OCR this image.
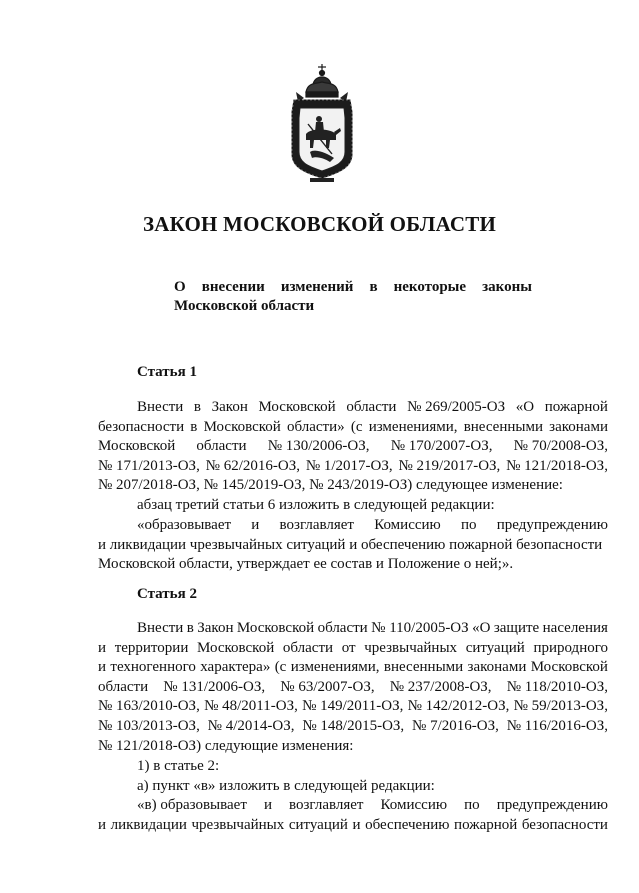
ЗАКОН МОСКОВСКОЙ ОБЛАСТИ
О внесении изменений в некоторые законы
Московской области
Статья 1
Внести в Закон Московской области № 269/2005-ОЗ «О пожарной
безопасности в Московской области» (с изменениями, внесенными законами
Московской области № 130/2006-ОЗ, № 170/2007-ОЗ, № 70/2008-ОЗ,
№ 171/2013-ОЗ, № 62/2016-ОЗ, № 1/2017-ОЗ, № 219/2017-ОЗ, № 121/2018-ОЗ,
№ 207/2018-ОЗ, № 145/2019-ОЗ, № 243/2019-ОЗ) следующее изменение:
абзац третий статьи 6 изложить в следующей редакции:
«образовывает и возглавляет Комиссию по предупреждению
и ликвидации чрезвычайных ситуаций и обеспечению пожарной безопасности
Московской области, утверждает ее состав и Положение о ней;».
Статья 2
Внести в Закон Московской области № 110/2005-ОЗ «О защите населения
и территории Московской области от чрезвычайных ситуаций природного
и техногенного характера» (с изменениями, внесенными законами Московской
области № 131/2006-ОЗ, № 63/2007-ОЗ, № 237/2008-ОЗ, № 118/2010-ОЗ,
№ 163/2010-ОЗ, № 48/2011-ОЗ, № 149/2011-ОЗ, № 142/2012-ОЗ, № 59/2013-ОЗ,
№ 103/2013-ОЗ, № 4/2014-ОЗ, № 148/2015-ОЗ, № 7/2016-ОЗ, № 116/2016-ОЗ,
№ 121/2018-ОЗ) следующие изменения:
1) в статье 2:
а) пункт «в» изложить в следующей редакции:
«в) образовывает и возглавляет Комиссию по предупреждению
и ликвидации чрезвычайных ситуаций и обеспечению пожарной безопасности
